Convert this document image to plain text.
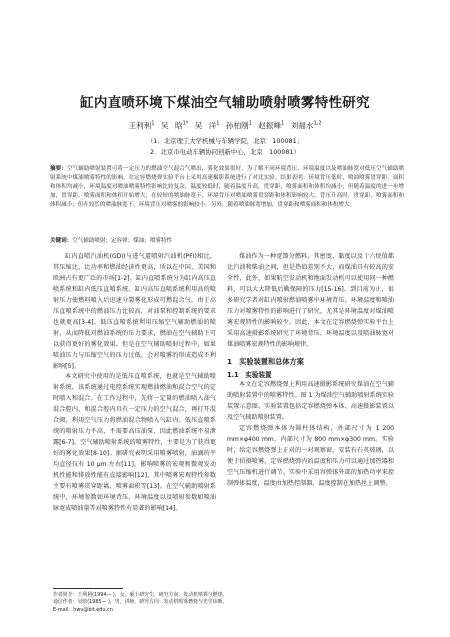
缸内直喷环境下煤油空气辅助喷射喷雾特性研究
王利利$^1$ 吴 晗$^{1*}$ 吴 洋$^1$ 孙柏刚$^1$ 赵振峰$^1$ 刘福水$^{1,2}$
（1．北京理工大学机械与车辆学院，北京　100081；
2．北京市电动车辆协同创新中心，北京　100081）
摘要：空气辅助喷射装置可将一定压力的燃油空气混合气喷出，雾化效果很好，为了解不同环境背压、环境温度以及喷油脉宽对低压空气辅助喷射系统中煤油喷雾特性的影响，在定容燃烧弹实验平台上采用高速摄影系统进行了对比实验。结果表明：环境背压低时，喷油喷雾贯穿距、面积和体积均减小，环境温度对喷油喷雾特性影响比较复杂，温度较低时，随着温度升高，贯穿距、喷雾面积和体积均减小；但随着温度的进一步增加，贯穿距、喷雾面积和体积开始增大；在较短的喷油脉宽下，环境背压对喷油喷雾贯穿距和体积影响较大，背压升高时，贯穿距、喷雾面积和体积减小；但在较长的喷油脉宽下，环境背压对喷雾的影响较小。另外，随着喷油脉宽增加，贯穿距和喷雾面积和体积增大。
关键词：空气辅助喷射；定容弹；煤油；喷雾特性

缸内直喷汽油机(GDI)与进气道喷射汽油机(PFI)相比，其压缩比、比功率和燃油经济性更高，所以在中国、美国和欧洲占有更广泛的市场[1-2]。缸内直喷系统分为缸内高压直喷系统和缸内低压直喷系统。缸内高压直喷系统利用高的喷射压力使燃料喷入后迅速分裂雾化形成可燃混合气。由于高压直喷系统中的燃油压力比较高，对油泵和控制系统的要求也就更高[3-4]。低压直喷系统利用压缩空气辅助燃油的喷射，从而降低对燃油系统的压力要求，燃油在空气辅助下可以获得更好的雾化效果。但是在空气辅助喷射过程中，如果喷油压力与压缩空气的压力过低，会对喷雾的形成造成不利影响[5]。

本文研究中使用的是低压直喷系统，也就是空气辅助喷射系统。该系统通过电控系统实现燃油燃油和混合空气的定时喷入和混合。在工作过程中，先将一定量的燃油喷入油气混合腔内，和混合腔内具有一定压力的空气混合，再打开混合阀，利用空气压力将燃油混合物喷入气缸内。低压直喷系统的喷射压力不高，不需要高压油泵，因此燃油系统不易泄露[6-7]。空气辅助喷射系统的喷雾特性，主要是为了获得更好的雾化效果[8-10]。据研究表明采用喷雾喷射，油滴的平均直径仅有 10 μm 左右[11]。影响喷雾的宏观和微观发动机性能和排放性能有直接影响[12]，其中喷雾宏观特性参数主要有喷雾贯穿距离、喷雾面积等[13]。在空气辅助喷射系统中，环境参数如环境背压、环境温度以及喷射参数如喷油脉宽或喷油量等对喷雾特性有显著的影响[14]。

煤油作为一种宽馏分燃料，其密度、黏度以及十六烷值都比汽油和柴油之间，但是热值差别不大，而煤油具有较高的安全性，此外，如果航空发动机和地面发动机可以使用同一种燃料，可以大大降低后勤保障的压力[15-16]。到目前为止，很多研究学者对缸内喷射燃油喷雾中环境背压、环境温度和喷油压力对喷雾特性的影响进行了研究，尤其是环境温度对煤油喷雾宏观特性的影响较少。因此，本文在定容燃烧弹实验平台上采用高速摄影系统研究了环境背压、环境温度以及喷油脉宽对煤油喷雾宏观特性的影响规律。

1　实验装置和总体方案
1.1　实验装置

本文在定容燃烧弹上利用高速摄影系统研究煤油在空气辅助喷射装置中的喷雾特性。图 1 为煤油空气辅助喷射系统实验装置示意图。实验装置包括定容燃烧弹本体、高速摄影装置以及空气辅助喷射装置。

定容燃烧弹本体为圆柱体结构，外部尺寸为 1 200 mm×φ400 mm，内部尺寸为 800 mm×φ300 mm。实验时，给定容燃烧弹上正对的一对观察窗，安装有石英玻璃，以便于拍摄喷雾。定容燃烧弹内的温度和压力可以通过加热器和空气压缩机进行调节。实验中采用容弹体外部的加热功率来控制弹体温度，温度由加热控制器，温度控制在加热丝上调整。

作者简介：王利利(1994— )，女，硕士研究生，研究方向：发动机喷雾与燃烧。
通信作者：吴晗(1985— )，男，讲师，研究方向：发动机喷雾燃烧与光学诊断。
E-mail：hwu@bit.edu.cn
